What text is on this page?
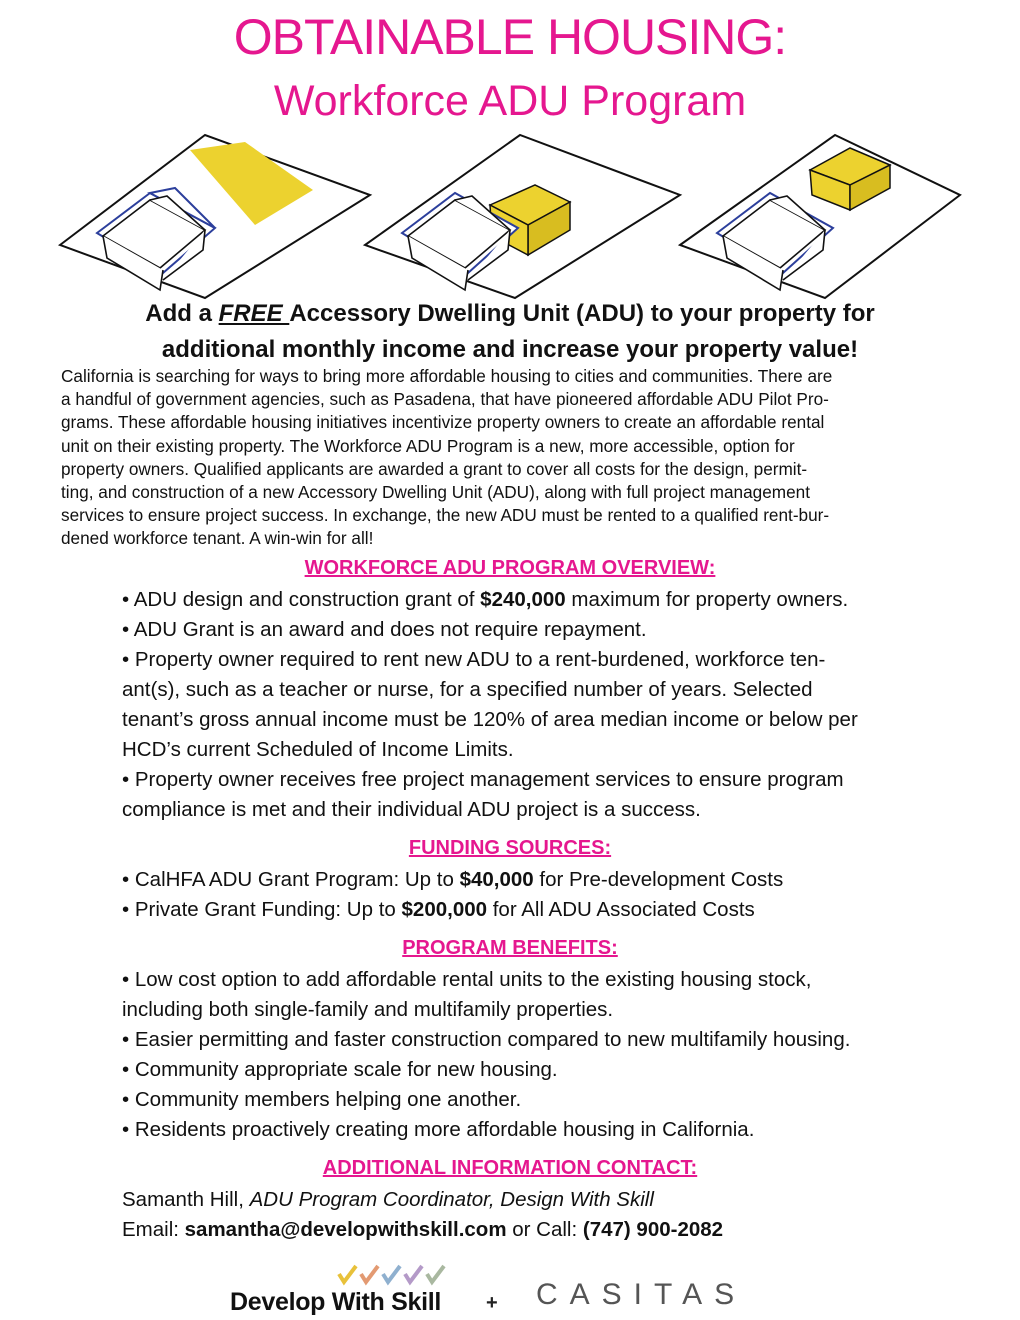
OBTAINABLE HOUSING:
Workforce ADU Program
Add a FREE Accessory Dwelling Unit (ADU) to your property for
additional monthly income and increase your property value!
California is searching for ways to bring more affordable housing to cities and communities. There are
a handful of government agencies, such as Pasadena, that have pioneered affordable ADU Pilot Pro-
grams. These affordable housing initiatives incentivize property owners to create an affordable rental
unit on their existing property. The Workforce ADU Program is a new, more accessible, option for
property owners. Qualified applicants are awarded a grant to cover all costs for the design, permit-
ting, and construction of a new Accessory Dwelling Unit (ADU), along with full project management
services to ensure project success. In exchange, the new ADU must be rented to a qualified rent-bur-
dened workforce tenant. A win-win for all!
WORKFORCE ADU PROGRAM OVERVIEW:

• ADU design and construction grant of $240,000 maximum for property owners.

• ADU Grant is an award and does not require repayment.

• Property owner required to rent new ADU to a rent-burdened, workforce ten-

ant(s), such as a teacher or nurse, for a specified number of years. Selected

tenant’s gross annual income must be 120% of area median income or below per

HCD’s current Scheduled of Income Limits.

• Property owner receives free project management services to ensure program

compliance is met and their individual ADU project is a success.

FUNDING SOURCES:

• CalHFA ADU Grant Program: Up to $40,000 for Pre-development Costs

• Private Grant Funding: Up to $200,000 for All ADU Associated Costs

PROGRAM BENEFITS:

• Low cost option to add affordable rental units to the existing housing stock,

including both single-family and multifamily properties.

• Easier permitting and faster construction compared to new multifamily housing.

• Community appropriate scale for new housing.

• Community members helping one another.

• Residents proactively creating more affordable housing in California.

ADDITIONAL INFORMATION CONTACT:

Samanth Hill, ADU Program Coordinator, Design With Skill

Email: samantha@developwithskill.com or Call: (747) 900-2082

Develop With Skill + CASITAS
